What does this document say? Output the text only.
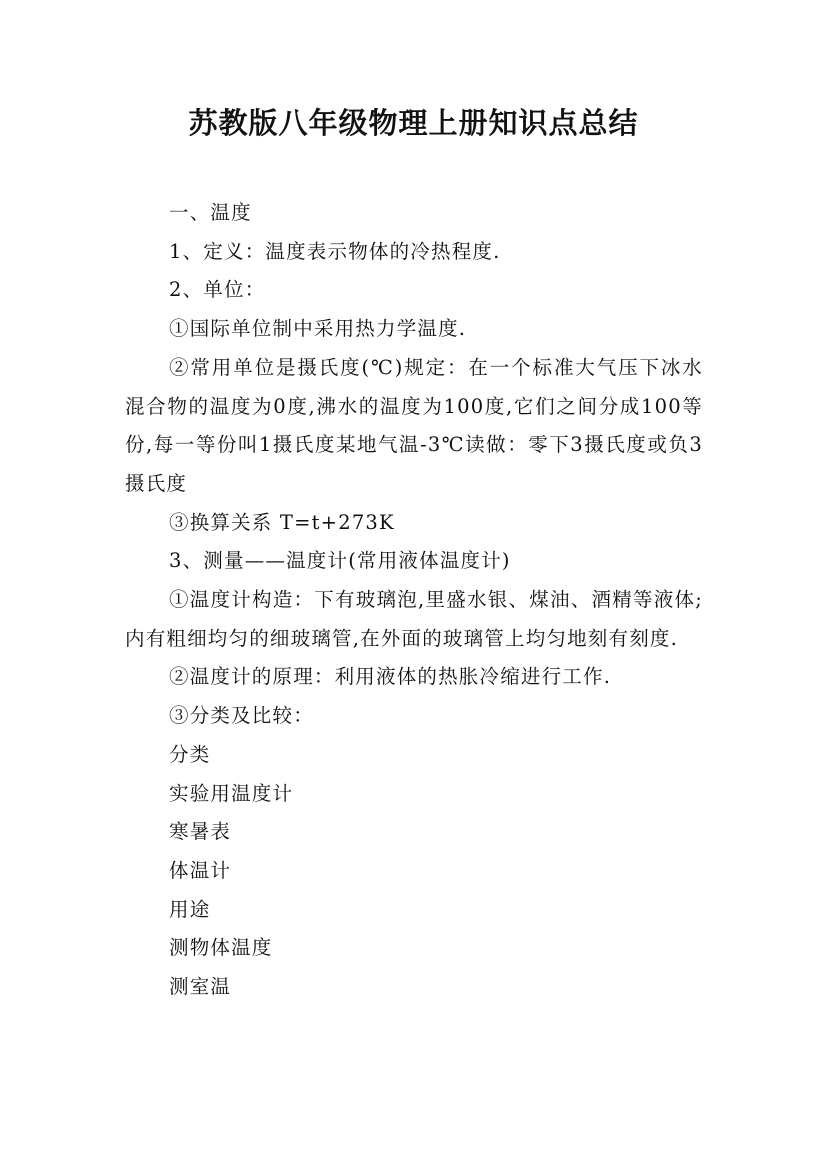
苏教版八年级物理上册知识点总结

一、温度

1、定义：温度表示物体的冷热程度.

2、单位：

①国际单位制中采用热力学温度.

②常用单位是摄氏度(℃)规定：在一个标准大气压下冰水混合物的温度为0度,沸水的温度为100度,它们之间分成100等份,每一等份叫1摄氏度某地气温-3℃读做：零下3摄氏度或负3摄氏度

③换算关系 T=t+273K

3、测量——温度计(常用液体温度计)

①温度计构造：下有玻璃泡,里盛水银、煤油、酒精等液体;内有粗细均匀的细玻璃管,在外面的玻璃管上均匀地刻有刻度.

②温度计的原理：利用液体的热胀冷缩进行工作.

③分类及比较：

分类

实验用温度计

寒暑表

体温计

用途

测物体温度

测室温
